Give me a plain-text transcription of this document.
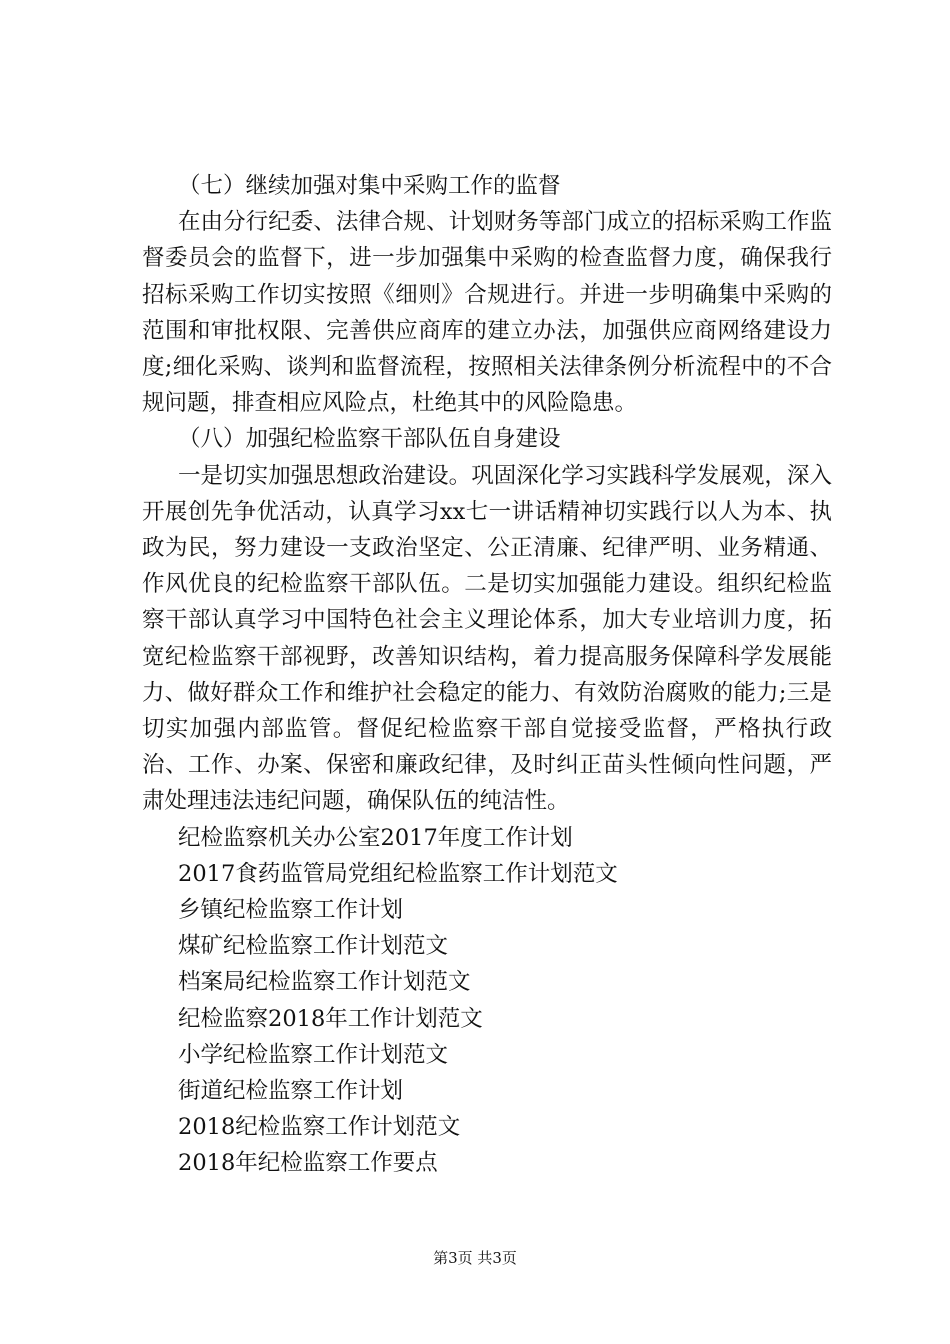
（七）继续加强对集中采购工作的监督

在由分行纪委、法律合规、计划财务等部门成立的招标采购工作监督委员会的监督下，进一步加强集中采购的检查监督力度，确保我行招标采购工作切实按照《细则》合规进行。并进一步明确集中采购的范围和审批权限、完善供应商库的建立办法，加强供应商网络建设力度;细化采购、谈判和监督流程，按照相关法律条例分析流程中的不合规问题，排查相应风险点，杜绝其中的风险隐患。

（八）加强纪检监察干部队伍自身建设

一是切实加强思想政治建设。巩固深化学习实践科学发展观，深入开展创先争优活动，认真学习xx七一讲话精神切实践行以人为本、执政为民，努力建设一支政治坚定、公正清廉、纪律严明、业务精通、作风优良的纪检监察干部队伍。二是切实加强能力建设。组织纪检监察干部认真学习中国特色社会主义理论体系，加大专业培训力度，拓宽纪检监察干部视野，改善知识结构，着力提高服务保障科学发展能力、做好群众工作和维护社会稳定的能力、有效防治腐败的能力;三是切实加强内部监管。督促纪检监察干部自觉接受监督，严格执行政治、工作、办案、保密和廉政纪律，及时纠正苗头性倾向性问题，严肃处理违法违纪问题，确保队伍的纯洁性。

纪检监察机关办公室2017年度工作计划

2017食药监管局党组纪检监察工作计划范文

乡镇纪检监察工作计划

煤矿纪检监察工作计划范文

档案局纪检监察工作计划范文

纪检监察2018年工作计划范文

小学纪检监察工作计划范文

街道纪检监察工作计划

2018纪检监察工作计划范文

2018年纪检监察工作要点

第3页 共3页
